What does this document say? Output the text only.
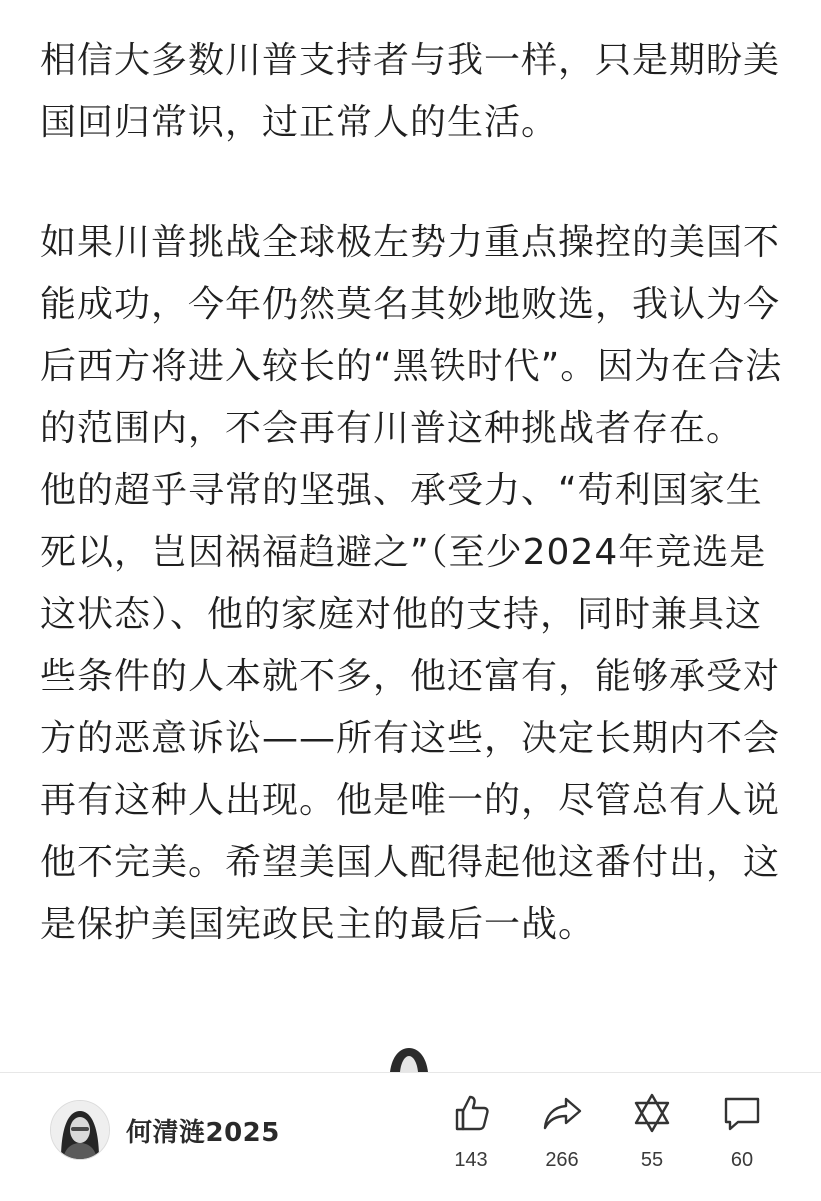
相信大多数川普支持者与我一样，只是期盼美国回归常识，过正常人的生活。

如果川普挑战全球极左势力重点操控的美国不能成功，今年仍然莫名其妙地败选，我认为今后西方将进入较长的“黑铁时代”。因为在合法的范围内，不会再有川普这种挑战者存在。 他的超乎寻常的坚强、承受力、“苟利国家生死以，岂因祸福趋避之”（至少2024年竞选是这状态）、他的家庭对他的支持，同时兼具这些条件的人本就不多，他还富有，能够承受对方的恶意诉讼——所有这些，决定长期内不会再有这种人出现。他是唯一的，尽管总有人说他不完美。希望美国人配得起他这番付出，这是保护美国宪政民主的最后一战。

何清涟2025
143	266	55	60
